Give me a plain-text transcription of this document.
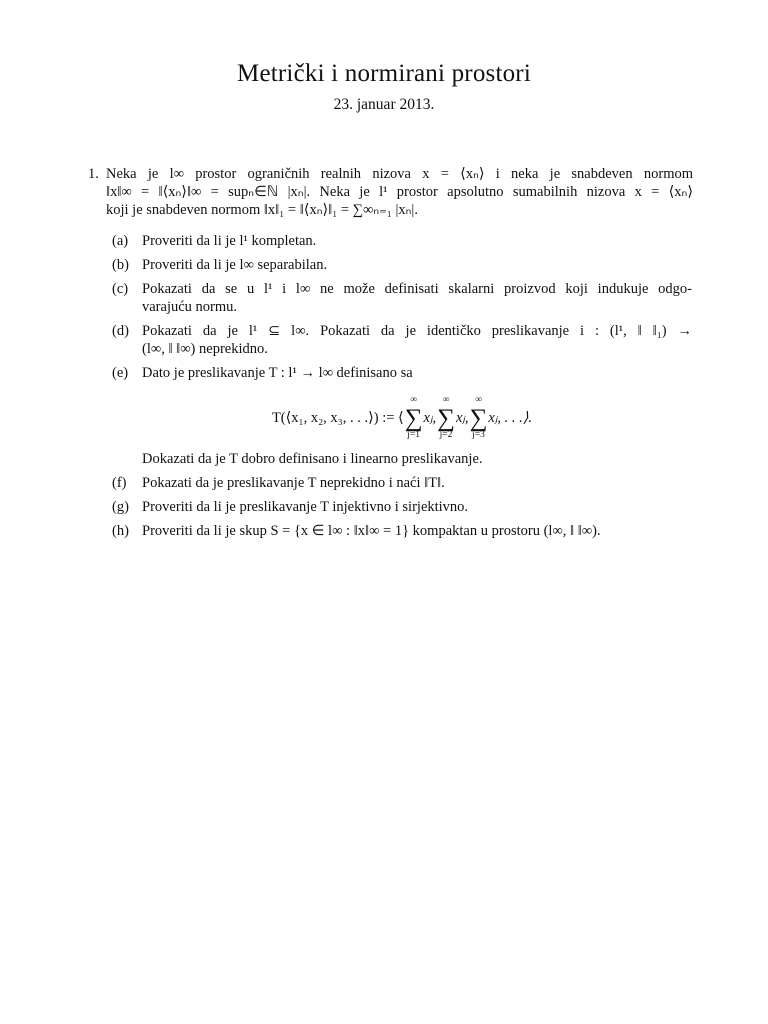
Metrički i normirani prostori
23. januar 2013.
1. Neka je l∞ prostor ograničnih realnih nizova x = ⟨xₙ⟩ i neka je snabdeven normom
‖x‖∞ = ‖⟨xₙ⟩‖∞ = supₙ∈ℕ |xₙ|. Neka je l¹ prostor apsolutno sumabilnih nizova x = ⟨xₙ⟩
koji je snabdeven normom ‖x‖₁ = ‖⟨xₙ⟩‖₁ = ∑∞ₙ₌₁ |xₙ|.
(a) Proveriti da li je l¹ kompletan.
(b) Proveriti da li je l∞ separabilan.
(c) Pokazati da se u l¹ i l∞ ne može definisati skalarni proizvod koji indukuje odgo-
varajuću normu.
(d) Pokazati da je l¹ ⊆ l∞. Pokazati da je identičko preslikavanje i : (l¹, ‖ ‖₁) →
(l∞, ‖ ‖∞) neprekidno.
(e) Dato je preslikavanje T : l¹ → l∞ definisano sa
T(⟨x₁, x₂, x₃, . . .⟩) := ⟨
∞
∑
j=1
xⱼ,
∞
∑
j=2
xⱼ,
∞
∑
j=3
xⱼ, . . .⟩.
Dokazati da je T dobro definisano i linearno preslikavanje.
(f) Pokazati da je preslikavanje T neprekidno i naći ‖T‖.
(g) Proveriti da li je preslikavanje T injektivno i sirjektivno.
(h) Proveriti da li je skup S = {x ∈ l∞ : ‖x‖∞ = 1} kompaktan u prostoru (l∞, ‖ ‖∞).
